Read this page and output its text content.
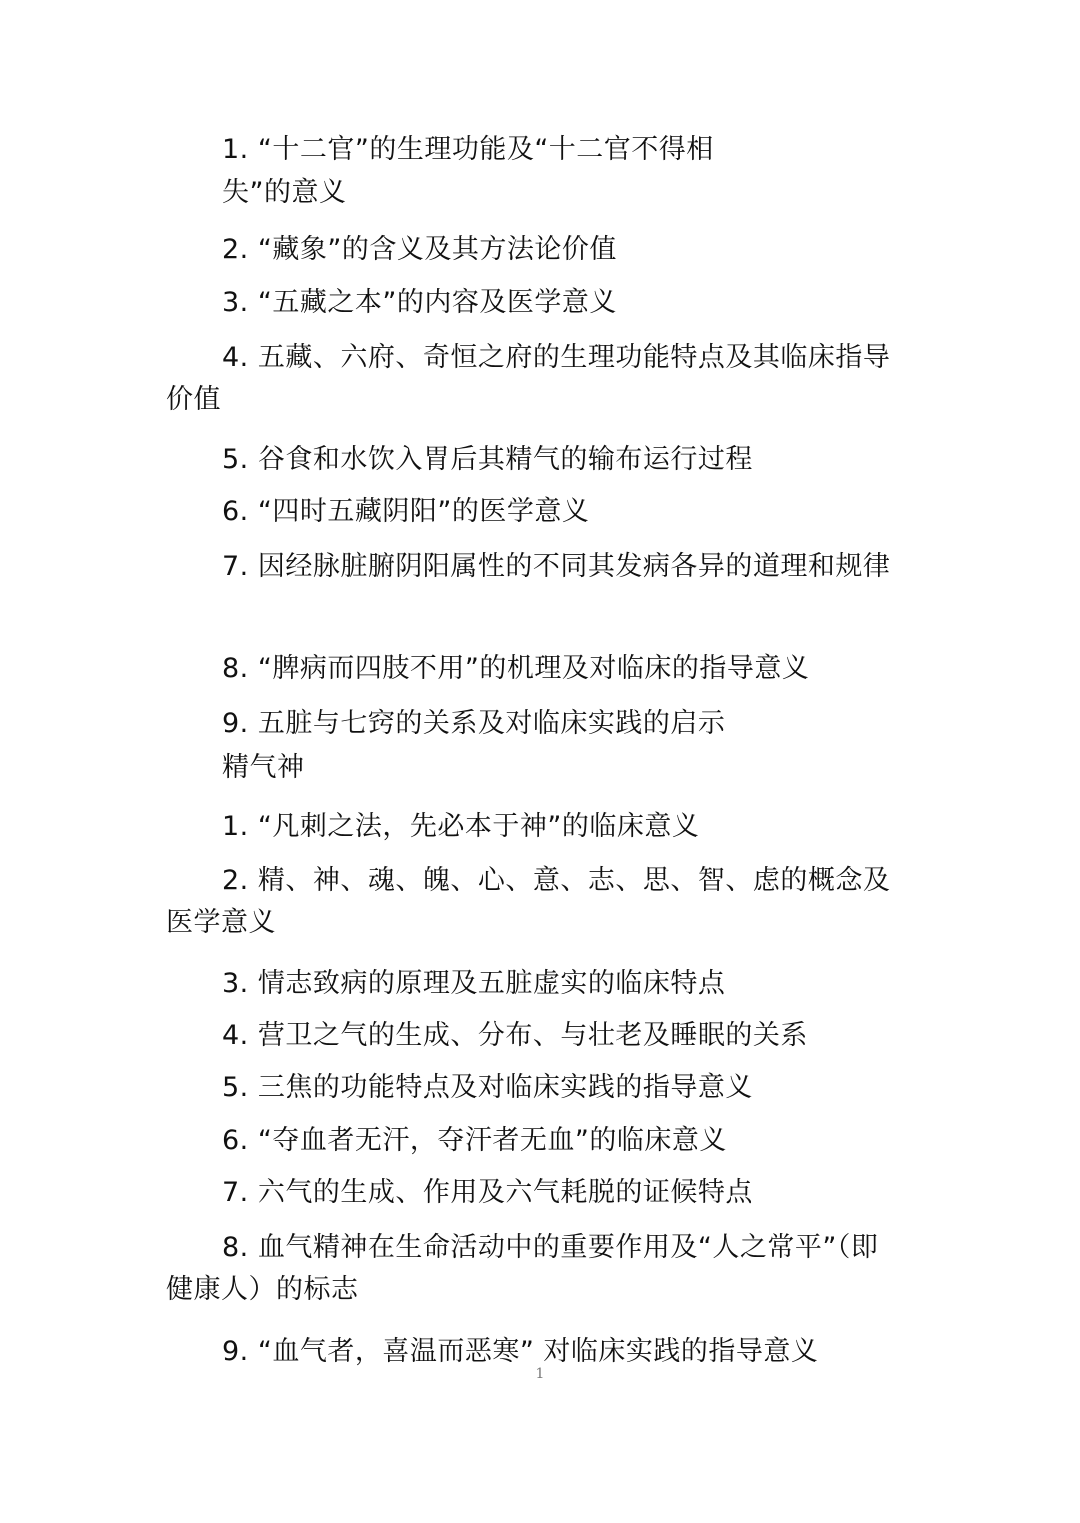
1. “十二官”的生理功能及“十二官不得相

失”的意义

2. “藏象”的含义及其方法论价值

3. “五藏之本”的内容及医学意义

4. 五藏、六府、奇恒之府的生理功能特点及其临床指导价值

5. 谷食和水饮入胃后其精气的输布运行过程

6. “四时五藏阴阳”的医学意义

7. 因经脉脏腑阴阳属性的不同其发病各异的道理和规律

8. “脾病而四肢不用”的机理及对临床的指导意义

9. 五脏与七窍的关系及对临床实践的启示

精气神

1. “凡刺之法，先必本于神”的临床意义

2. 精、神、魂、魄、心、意、志、思、智、虑的概念及医学意义

3. 情志致病的原理及五脏虚实的临床特点

4. 营卫之气的生成、分布、与壮老及睡眠的关系

5. 三焦的功能特点及对临床实践的指导意义

6. “夺血者无汗，夺汗者无血”的临床意义

7. 六气的生成、作用及六气耗脱的证候特点

8. 血气精神在生命活动中的重要作用及“人之常平”（即 健康人）的标志

9. “血气者，喜温而恶寒” 对临床实践的指导意义

1
